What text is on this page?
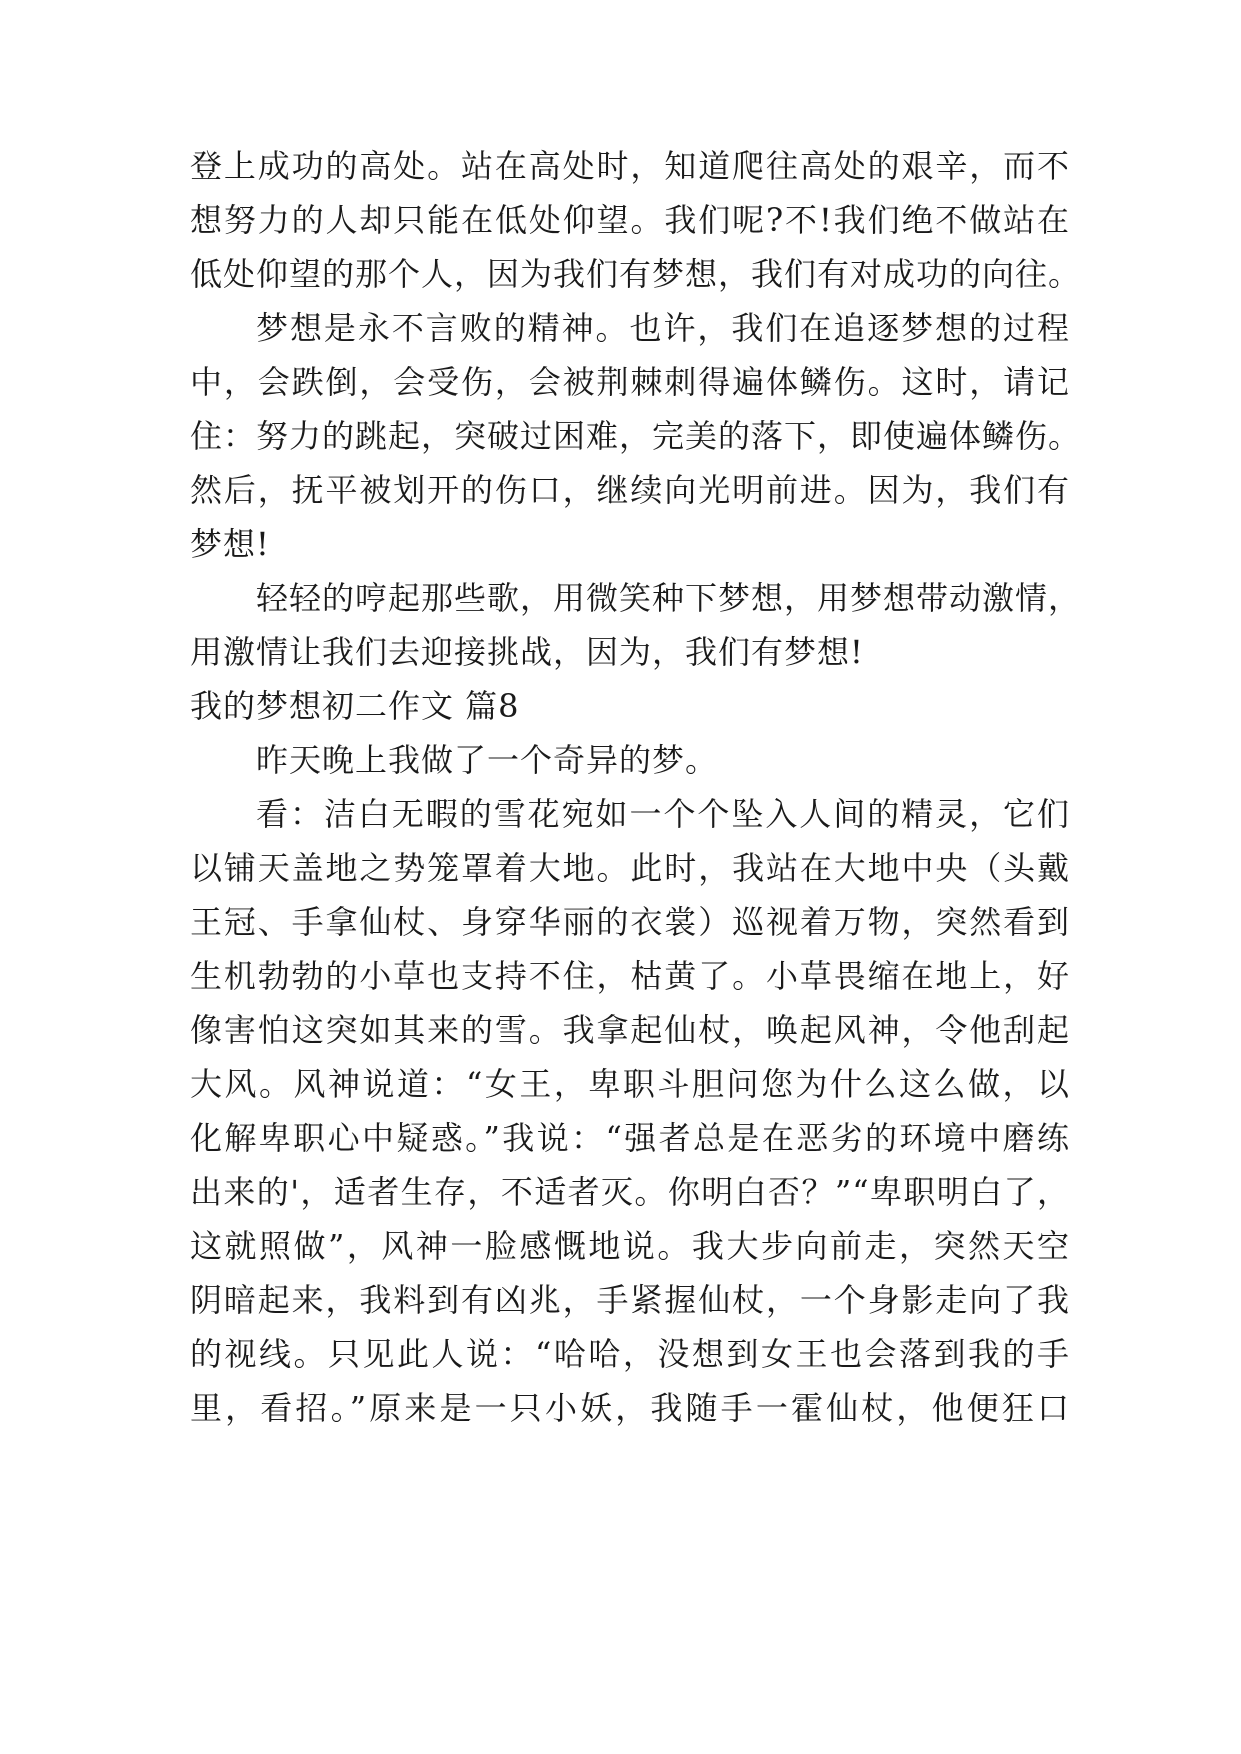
登上成功的高处。站在高处时，知道爬往高处的艰辛，而不
想努力的人却只能在低处仰望。我们呢?不!我们绝不做站在
低处仰望的那个人，因为我们有梦想，我们有对成功的向往。
梦想是永不言败的精神。也许，我们在追逐梦想的过程
中，会跌倒，会受伤，会被荆棘刺得遍体鳞伤。这时，请记
住：努力的跳起，突破过困难，完美的落下，即使遍体鳞伤。
然后，抚平被划开的伤口，继续向光明前进。因为，我们有
梦想!
轻轻的哼起那些歌，用微笑种下梦想，用梦想带动激情，
用激情让我们去迎接挑战，因为，我们有梦想!
我的梦想初二作文 篇8
昨天晚上我做了一个奇异的梦。
看：洁白无暇的雪花宛如一个个坠入人间的精灵，它们
以铺天盖地之势笼罩着大地。此时，我站在大地中央（头戴
王冠、手拿仙杖、身穿华丽的衣裳）巡视着万物，突然看到
生机勃勃的小草也支持不住，枯黄了。小草畏缩在地上，好
像害怕这突如其来的雪。我拿起仙杖，唤起风神，令他刮起
大风。风神说道：“女王，卑职斗胆问您为什么这么做，以
化解卑职心中疑惑。”我说：“强者总是在恶劣的环境中磨练
出来的'，适者生存，不适者灭。你明白否？”“卑职明白了，
这就照做”，风神一脸感慨地说。我大步向前走，突然天空
阴暗起来，我料到有凶兆，手紧握仙杖，一个身影走向了我
的视线。只见此人说：“哈哈，没想到女王也会落到我的手
里，看招。”原来是一只小妖，我随手一霍仙杖，他便狂口
